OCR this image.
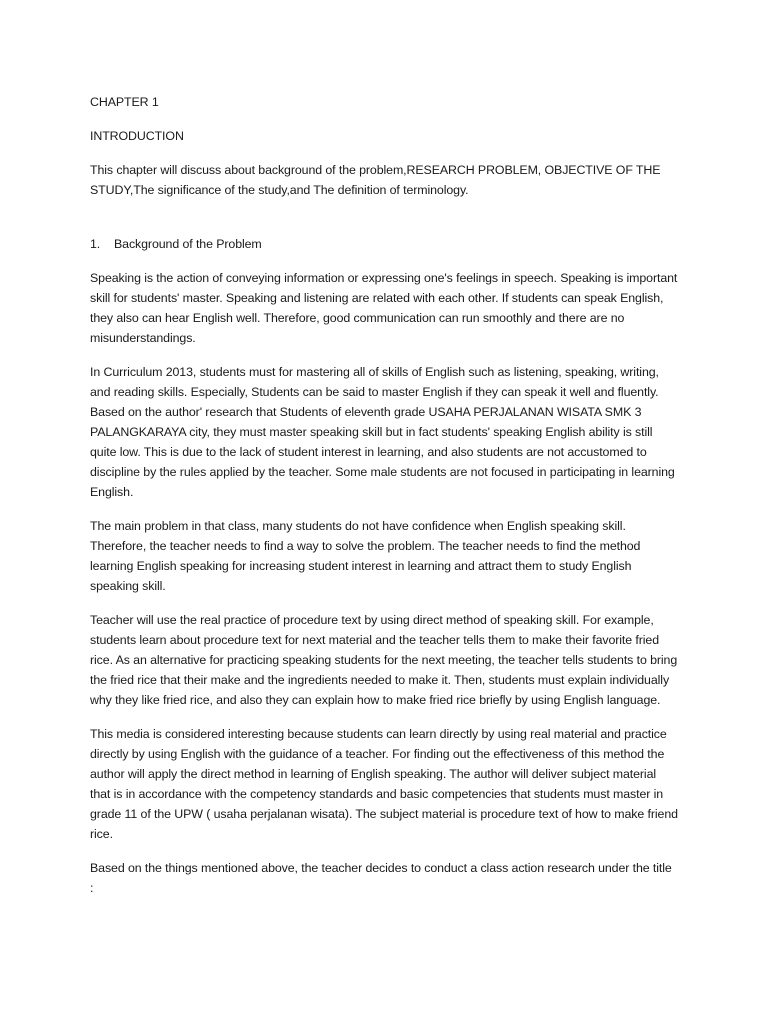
CHAPTER 1

INTRODUCTION

This chapter will discuss about background of the problem,RESEARCH PROBLEM, OBJECTIVE OF THE STUDY,The significance of the study,and The definition of terminology.

1. Background of the Problem

Speaking is the action of conveying information or expressing one's feelings in speech. Speaking is important skill for students' master. Speaking and listening are related with each other. If students can speak English, they also can hear English well. Therefore, good communication can run smoothly and there are no misunderstandings.

In Curriculum 2013, students must for mastering all of skills of English such as listening, speaking, writing, and reading skills. Especially, Students can be said to master English if they can speak it well and fluently. Based on the author' research that Students of eleventh grade USAHA PERJALANAN WISATA SMK 3 PALANGKARAYA city, they must master speaking skill but in fact students' speaking English ability is still quite low. This is due to the lack of student interest in learning, and also students are not accustomed to discipline by the rules applied by the teacher. Some male students are not focused in participating in learning English.

The main problem in that class, many students do not have confidence when English speaking skill. Therefore, the teacher needs to find a way to solve the problem. The teacher needs to find the method learning English speaking for increasing student interest in learning and attract them to study English speaking skill.

Teacher will use the real practice of procedure text by using direct method of speaking skill. For example, students learn about procedure text for next material and the teacher tells them to make their favorite fried rice. As an alternative for practicing speaking students for the next meeting, the teacher tells students to bring the fried rice that their make and the ingredients needed to make it. Then, students must explain individually why they like fried rice, and also they can explain how to make fried rice briefly by using English language.

This media is considered interesting because students can learn directly by using real material and practice directly by using English with the guidance of a teacher. For finding out the effectiveness of this method the author will apply the direct method in learning of English speaking. The author will deliver subject material that is in accordance with the competency standards and basic competencies that students must master in grade 11 of the UPW ( usaha perjalanan wisata). The subject material is procedure text of how to make friend rice.

Based on the things mentioned above, the teacher decides to conduct a class action research under the title :
